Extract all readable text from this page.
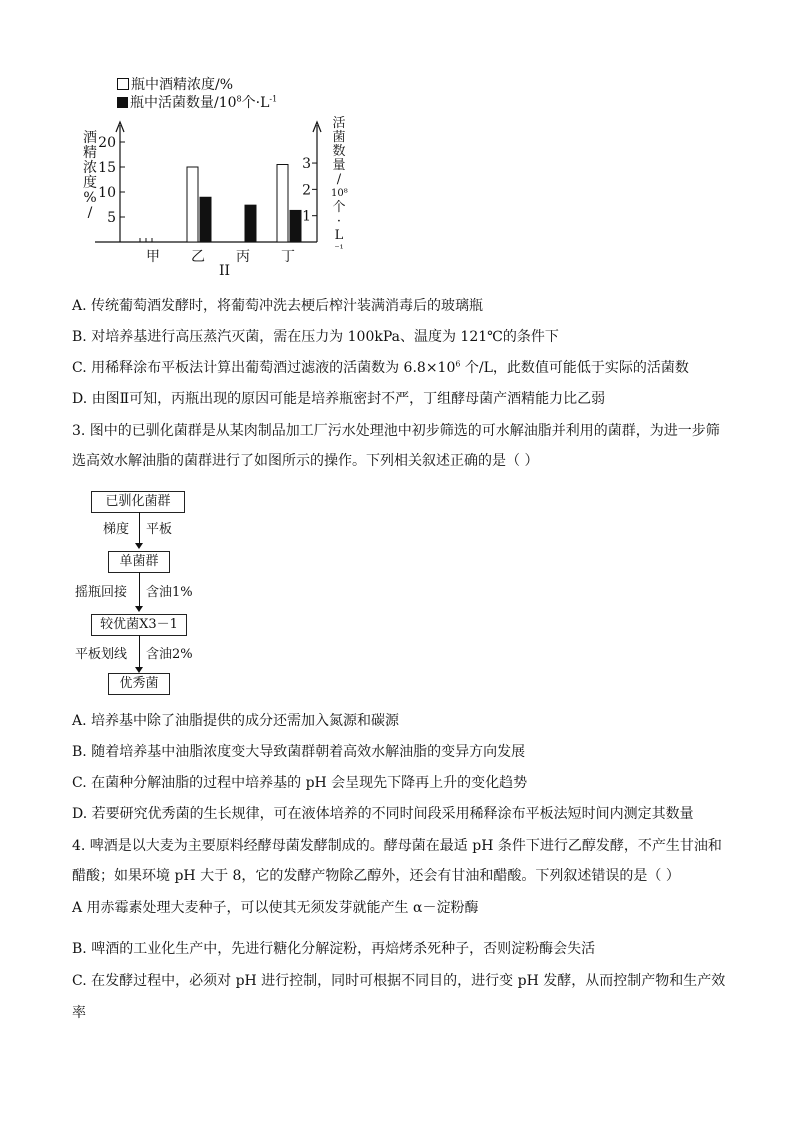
瓶中酒精浓度/%
瓶中活菌数量$/10^8$个$\cdot L^{-1}$
酒
精
浓
度
%
/
活
菌
数
量
/
10⁸
个
·
L
⁻¹
5
10
15
20
1
2
3
甲 乙 丙 丁
II
A. 传统葡萄酒发酵时，将葡萄冲洗去梗后榨汁装满消毒后的玻璃瓶
B. 对培养基进行高压蒸汽灭菌，需在压力为 100kPa、温度为 121℃的条件下
C. 用稀释涂布平板法计算出葡萄酒过滤液的活菌数为 $6.8\times 10^6$ 个/L，此数值可能低于实际的活菌数
D. 由图Ⅱ可知，丙瓶出现的原因可能是培养瓶密封不严，丁组酵母菌产酒精能力比乙弱
3. 图中的已驯化菌群是从某肉制品加工厂污水处理池中初步筛选的可水解油脂并利用的菌群，为进一步筛
选高效水解油脂的菌群进行了如图所示的操作。下列相关叙述正确的是（ ）
已驯化菌群
梯度 平板
单菌群
摇瓶回接 含油1%
较优菌X3－1
平板划线 含油2%
优秀菌
A. 培养基中除了油脂提供的成分还需加入氮源和碳源
B. 随着培养基中油脂浓度变大导致菌群朝着高效水解油脂的变异方向发展
C. 在菌种分解油脂的过程中培养基的 pH 会呈现先下降再上升的变化趋势
D. 若要研究优秀菌的生长规律，可在液体培养的不同时间段采用稀释涂布平板法短时间内测定其数量
4. 啤酒是以大麦为主要原料经酵母菌发酵制成的。酵母菌在最适 pH 条件下进行乙醇发酵，不产生甘油和
醋酸；如果环境 pH 大于 8，它的发酵产物除乙醇外，还会有甘油和醋酸。下列叙述错误的是（ ）
A 用赤霉素处理大麦种子，可以使其无须发芽就能产生 α－淀粉酶
B. 啤酒的工业化生产中，先进行糖化分解淀粉，再焙烤杀死种子，否则淀粉酶会失活
C. 在发酵过程中，必须对 pH 进行控制，同时可根据不同目的，进行变 pH 发酵，从而控制产物和生产效
率
